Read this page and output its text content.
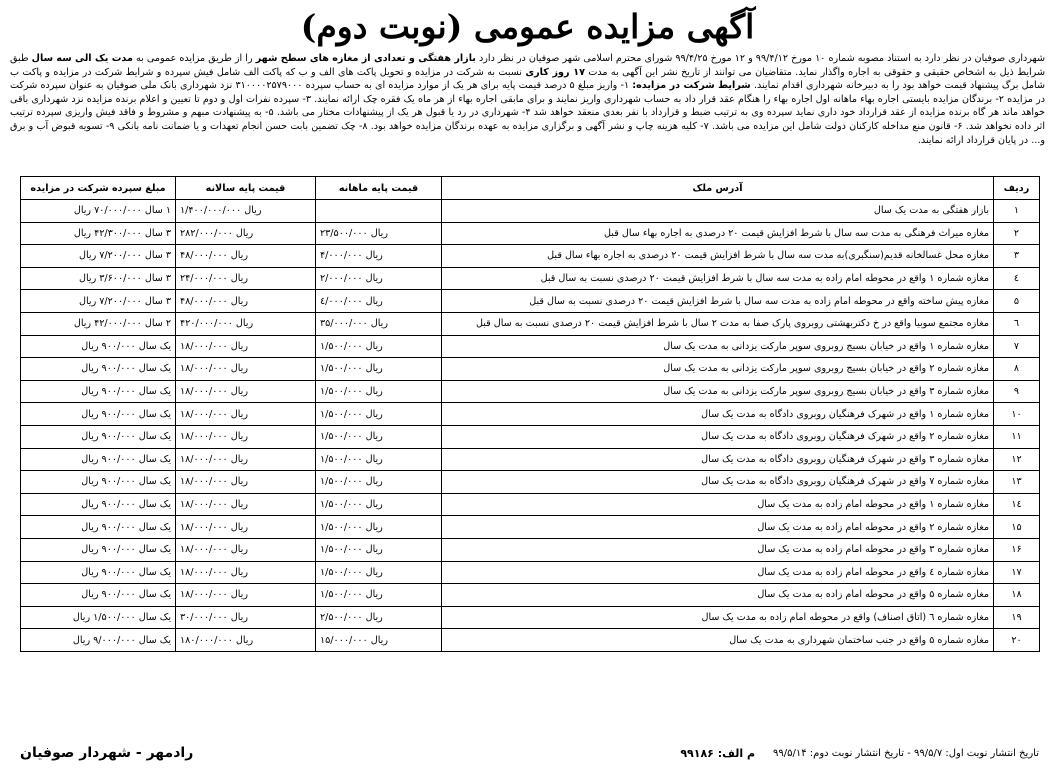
آگهی مزایده عمومی (نوبت دوم)
شهرداری صوفیان در نظر دارد به استناد مصوبه شماره ۱۰ مورخ ۹۹/۴/۱۲ و ۱۲ مورخ ۹۹/۴/۲۵ شورای محترم اسلامی شهر صوفیان در نظر دارد بازار هفتگی و تعدادی از مغازه های سطح شهر را از طریق مزایده عمومی به مدت یک الی سه سال طبق شرایط ذیل به اشخاص حقیقی و حقوقی به اجاره واگذار نماید. متقاضیان می توانند از تاریخ نشر این آگهی به مدت ۱۷ روز کاری نسبت به شرکت در مزایده و تحویل پاکت های الف و ب که پاکت الف شامل فیش سپرده و شرایط شرکت در مزایده و پاکت ب شامل برگ پیشنهاد قیمت خواهد بود را به دبیرخانه شهرداری اقدام نمایند. شرایط شرکت در مزایده: ۱- واریز مبلغ ۵ درصد قیمت پایه برای هر یک از موارد مزایده ای به حساب سپرده ۳۱۰۰۰۰۲۵۷۹۰۰۰ نزد شهرداری بانک ملی صوفیان به عنوان سپرده شرکت در مزایده ۲- برندگان مزایده بایستی اجاره بهاء ماهانه اول اجاره بهاء را هنگام عقد قرار داد به حساب شهرداری واریز نمایند و برای مابقی اجاره بهاء از هر ماه یک فقره چک ارائه نمایند. ۳- سپرده نفرات اول و دوم تا تعیین و اعلام برنده مزایده نزد شهرداری باقی خواهد ماند هر گاه برنده مزایده از عقد قرارداد خود داری نماید سپرده وی به ترتیب ضبط و قرارداد با نفر بعدی منعقد خواهد شد ۴- شهرداری در رد یا قبول هر یک از پیشنهادات مختار می باشد. ۵- به پیشنهادت مبهم و مشروط و فاقد فیش واریزی سپرده ترتیب اثر داده نخواهد شد. ۶- قانون منع مداخله کارکنان دولت شامل این مزایده می باشد. ۷- کلیه هزینه چاپ و نشر آگهی و برگزاری مزایده به عهده برندگان مزایده خواهد بود. ۸- چک تضمین بابت حسن انجام تعهدات و یا ضمانت نامه بانکی ۹- تسویه قبوض آب و برق و... در پایان قرارداد ارائه نمایند.
ردیف	آدرس ملک	قیمت پایه ماهانه	قیمت پایه سالانه	مبلغ سپرده شرکت در مزایده
۱	بازار هفتگی به مدت یک سال		۱/۴۰۰/۰۰۰/۰۰۰ ریال	۱ سال ۷۰/۰۰۰/۰۰۰ ریال
۲	مغازه میراث فرهنگی به مدت سه سال با شرط افزایش قیمت ۲۰ درصدی به اجاره بهاء سال قبل	۲۳/۵۰۰/۰۰۰ ریال	۲۸۲/۰۰۰/۰۰۰ ریال	۳ سال ۴۲/۳۰۰/۰۰۰ ریال
۳	مغازه محل غسالخانه قدیم(سنگبری)به مدت سه سال با شرط افزایش قیمت ۲۰ درصدی به اجاره بهاء سال قبل	۴/۰۰۰/۰۰۰ ریال	۴۸/۰۰۰/۰۰۰ ریال	۳ سال ۷/۲۰۰/۰۰۰ ریال
٤	مغازه شماره ۱ واقع در محوطه امام زاده به مدت سه سال با شرط افزایش قیمت ۲۰ درصدی نسبت به سال قبل	۲/۰۰۰/۰۰۰ ریال	۲۴/۰۰۰/۰۰۰ ریال	۳ سال ۳/۶۰۰/۰۰۰ ریال
۵	مغازه پیش ساخته واقع در محوطه امام زاده به مدت سه سال با شرط افزایش قیمت ۲۰ درصدی نسبت به سال قبل	٤/۰۰۰/۰۰۰ ریال	۴۸/۰۰۰/۰۰۰ ریال	۳ سال ۷/۲۰۰/۰۰۰ ریال
٦	مغازه مجتمع سوبیا واقع در خ دکتربهشتی روبروی پارک صفا به مدت ۲ سال با شرط افزایش قیمت ۲۰ درصدی نسبت به سال قبل	۳۵/۰۰۰/۰۰۰ ریال	۴۲۰/۰۰۰/۰۰۰ ریال	۲ سال ۴۲/۰۰۰/۰۰۰ ریال
۷	مغازه شماره ۱ واقع در خیابان بسیج روبروی سوپر مارکت یزدانی به مدت یک سال	۱/۵۰۰/۰۰۰ ریال	۱۸/۰۰۰/۰۰۰ ریال	یک سال ۹۰۰/۰۰۰ ریال
۸	مغازه شماره ۲ واقع در خیابان بسیج روبروی سوپر مارکت یزدانی به مدت یک سال	۱/۵۰۰/۰۰۰ ریال	۱۸/۰۰۰/۰۰۰ ریال	یک سال ۹۰۰/۰۰۰ ریال
۹	مغازه شماره ۳ واقع در خیابان بسیج روبروی سوپر مارکت یزدانی به مدت یک سال	۱/۵۰۰/۰۰۰ ریال	۱۸/۰۰۰/۰۰۰ ریال	یک سال ۹۰۰/۰۰۰ ریال
۱۰	مغازه شماره ۱ واقع در شهرک فرهنگیان روبروی دادگاه به مدت یک سال	۱/۵۰۰/۰۰۰ ریال	۱۸/۰۰۰/۰۰۰ ریال	یک سال ۹۰۰/۰۰۰ ریال
۱۱	مغازه شماره ۲ واقع در شهرک فرهنگیان روبروی دادگاه به مدت یک سال	۱/۵۰۰/۰۰۰ ریال	۱۸/۰۰۰/۰۰۰ ریال	یک سال ۹۰۰/۰۰۰ ریال
۱۲	مغازه شماره ۳ واقع در شهرک فرهنگیان روبروی دادگاه به مدت یک سال	۱/۵۰۰/۰۰۰ ریال	۱۸/۰۰۰/۰۰۰ ریال	یک سال ۹۰۰/۰۰۰ ریال
۱۳	مغازه شماره ۷ واقع در شهرک فرهنگیان روبروی دادگاه به مدت یک سال	۱/۵۰۰/۰۰۰ ریال	۱۸/۰۰۰/۰۰۰ ریال	یک سال ۹۰۰/۰۰۰ ریال
١٤	مغازه شماره ۱ واقع در محوطه امام زاده به مدت یک سال	۱/۵۰۰/۰۰۰ ریال	۱۸/۰۰۰/۰۰۰ ریال	یک سال ۹۰۰/۰۰۰ ریال
۱۵	مغازه شماره ۲ واقع در محوطه امام زاده به مدت یک سال	۱/۵۰۰/۰۰۰ ریال	۱۸/۰۰۰/۰۰۰ ریال	یک سال ۹۰۰/۰۰۰ ریال
۱۶	مغازه شماره ۳ واقع در محوطه امام زاده به مدت یک سال	۱/۵۰۰/۰۰۰ ریال	۱۸/۰۰۰/۰۰۰ ریال	یک سال ۹۰۰/۰۰۰ ریال
۱۷	مغازه شماره ٤ واقع در محوطه امام زاده به مدت یک سال	۱/۵۰۰/۰۰۰ ریال	۱۸/۰۰۰/۰۰۰ ریال	یک سال ۹۰۰/۰۰۰ ریال
۱۸	مغازه شماره ۵ واقع در محوطه امام زاده به مدت یک سال	۱/۵۰۰/۰۰۰ ریال	۱۸/۰۰۰/۰۰۰ ریال	یک سال ۹۰۰/۰۰۰ ریال
۱۹	مغازه شماره ٦ (اتاق اصناف) واقع در محوطه امام زاده به مدت یک سال	۲/۵۰۰/۰۰۰ ریال	۳۰/۰۰۰/۰۰۰ ریال	یک سال ۱/۵۰۰/۰۰۰ ریال
۲۰	مغازه شماره ۵ واقع در جنب ساختمان شهرداری به مدت یک سال	۱۵/۰۰۰/۰۰۰ ریال	۱۸۰/۰۰۰/۰۰۰ ریال	یک سال ۹/۰۰۰/۰۰۰ ریال
تاریخ انتشار نوبت اول: ۹۹/۵/۷ - تاریخ انتشار نوبت دوم: ۹۹/۵/۱۴
م الف: ۹۹۱۸۶
رادمهر - شهردار صوفیان
